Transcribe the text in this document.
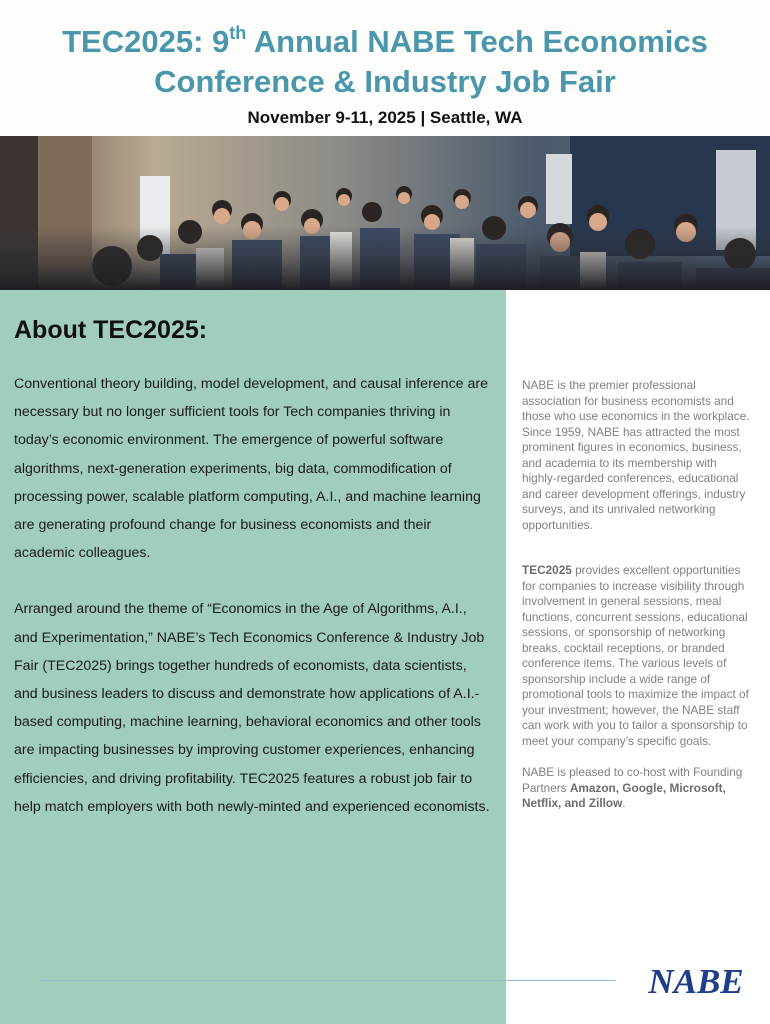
TEC2025: 9th Annual NABE Tech Economics
Conference & Industry Job Fair
November 9-11, 2025 | Seattle, WA
About TEC2025:

Conventional theory building, model development, and causal inference are necessary but no longer sufficient tools for Tech companies thriving in today’s economic environment. The emergence of powerful software algorithms, next-generation experiments, big data, commodification of processing power, scalable platform computing, A.I., and machine learning are generating profound change for business economists and their academic colleagues.

Arranged around the theme of “Economics in the Age of Algorithms, A.I., and Experimentation,” NABE’s Tech Economics Conference & Industry Job Fair (TEC2025) brings together hundreds of economists, data scientists, and business leaders to discuss and demonstrate how applications of A.I.-based computing, machine learning, behavioral economics and other tools are impacting businesses by improving customer experiences, enhancing efficiencies, and driving profitability. TEC2025 features a robust job fair to help match employers with both newly-minted and experienced economists.

NABE is the premier professional association for business economists and those who use economics in the workplace. Since 1959, NABE has attracted the most prominent figures in economics, business, and academia to its membership with highly-regarded conferences, educational and career development offerings, industry surveys, and its unrivaled networking opportunities.

TEC2025 provides excellent opportunities for companies to increase visibility through involvement in general sessions, meal functions, concurrent sessions, educational sessions, or sponsorship of networking breaks, cocktail receptions, or branded conference items. The various levels of sponsorship include a wide range of promotional tools to maximize the impact of your investment; however, the NABE staff can work with you to tailor a sponsorship to meet your company’s specific goals.

NABE is pleased to co-host with Founding Partners Amazon, Google, Microsoft, Netflix, and Zillow.

NABE
